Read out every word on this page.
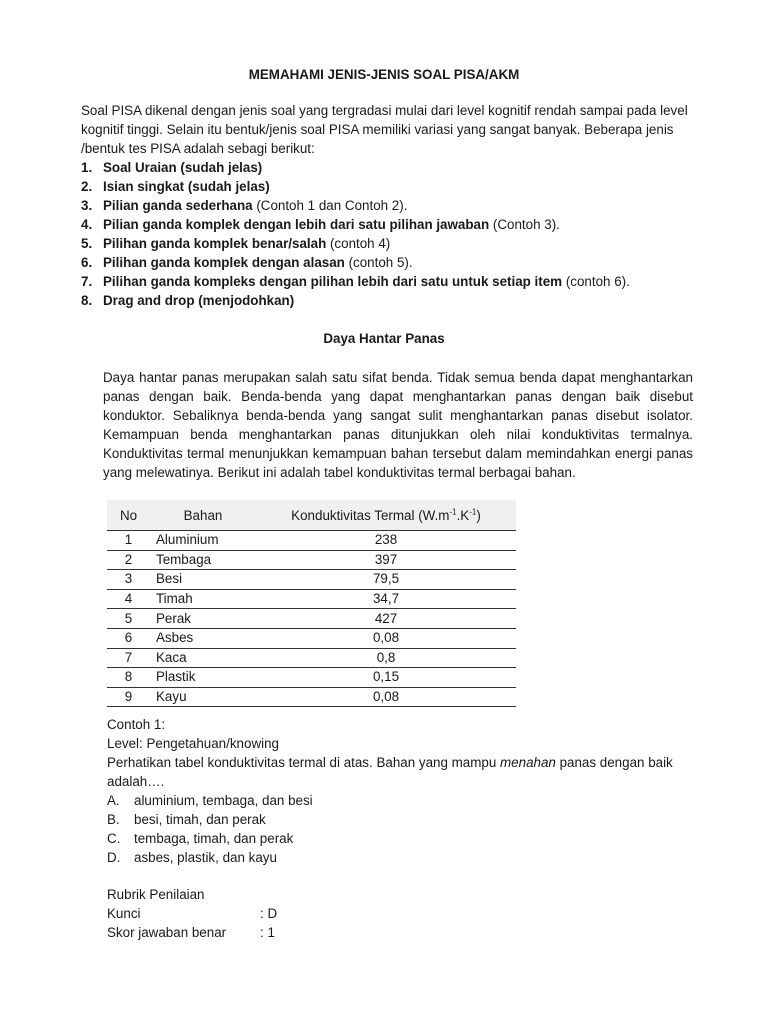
MEMAHAMI JENIS-JENIS SOAL PISA/AKM

Soal PISA dikenal dengan jenis soal yang tergradasi mulai dari level kognitif rendah sampai pada level kognitif tinggi. Selain itu bentuk/jenis soal PISA memiliki variasi yang sangat banyak. Beberapa jenis /bentuk tes PISA adalah sebagi berikut:

1. Soal Uraian (sudah jelas)
2. Isian singkat (sudah jelas)
3. Pilian ganda sederhana (Contoh 1 dan Contoh 2).
4. Pilian ganda komplek dengan lebih dari satu pilihan jawaban (Contoh 3).
5. Pilihan ganda komplek benar/salah (contoh 4)
6. Pilihan ganda komplek dengan alasan (contoh 5).
7. Pilihan ganda kompleks dengan pilihan lebih dari satu untuk setiap item (contoh 6).
8. Drag and drop (menjodohkan)
Daya Hantar Panas

Daya hantar panas merupakan salah satu sifat benda. Tidak semua benda dapat menghantarkan panas dengan baik. Benda-benda yang dapat menghantarkan panas dengan baik disebut konduktor. Sebaliknya benda-benda yang sangat sulit menghantarkan panas disebut isolator. Kemampuan benda menghantarkan panas ditunjukkan oleh nilai konduktivitas termalnya. Konduktivitas termal menunjukkan kemampuan bahan tersebut dalam memindahkan energi panas yang melewatinya. Berikut ini adalah tabel konduktivitas termal berbagai bahan.

No	Bahan	Konduktivitas Termal $(W.m^{-1}.K^{-1})$
1	Aluminium	238
2	Tembaga	397
3	Besi	79,5
4	Timah	34,7
5	Perak	427
6	Asbes	0,08
7	Kaca	0,8
8	Plastik	0,15
9	Kayu	0,08

Contoh 1:

Level: Pengetahuan/knowing

Perhatikan tabel konduktivitas termal di atas. Bahan yang mampu menahan panas dengan baik adalah….

A.	aluminium, tembaga, dan besi
B.	besi, timah, dan perak
C.	tembaga, timah, dan perak
D.	asbes, plastik, dan kayu

Rubrik Penilaian

Kunci	: D
Skor jawaban benar	: 1
